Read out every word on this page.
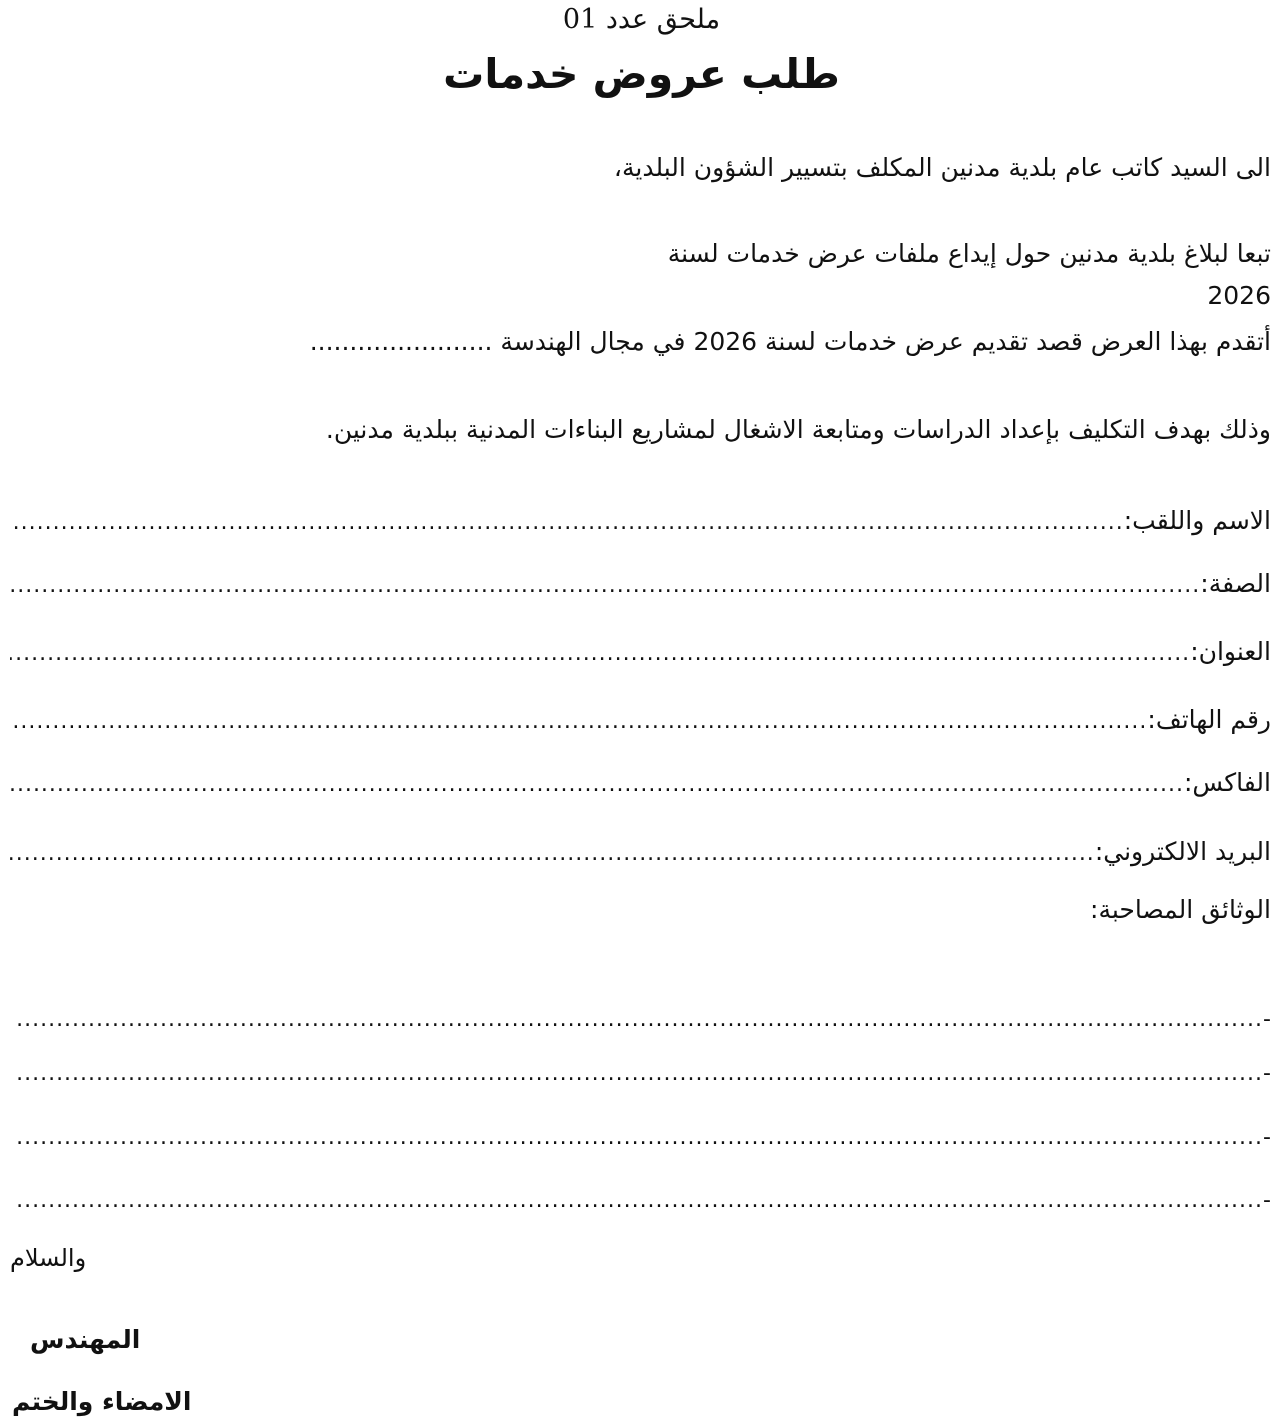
ملحق عدد 01
طلب عروض خدمات
الى السيد كاتب عام بلدية مدنين المكلف بتسيير الشؤون البلدية،
تبعا لبلاغ بلدية مدنين حول إيداع ملفات عرض خدمات لسنة
2026
أتقدم بهذا العرض قصد تقديم عرض خدمات لسنة 2026 في مجال الهندسة .......................
وذلك بهدف التكليف بإعداد الدراسات ومتابعة الاشغال لمشاريع البناءات المدنية ببلدية مدنين.
الاسم واللقب:
.....
الصفة:
.....
العنوان:
.....
رقم الهاتف:
.....
الفاكس:
.....
البريد الالكتروني:
.....
الوثائق المصاحبة:
-
.....
-
.....
-
.....
-
.....
والسلام
المهندس
الامضاء والختم
